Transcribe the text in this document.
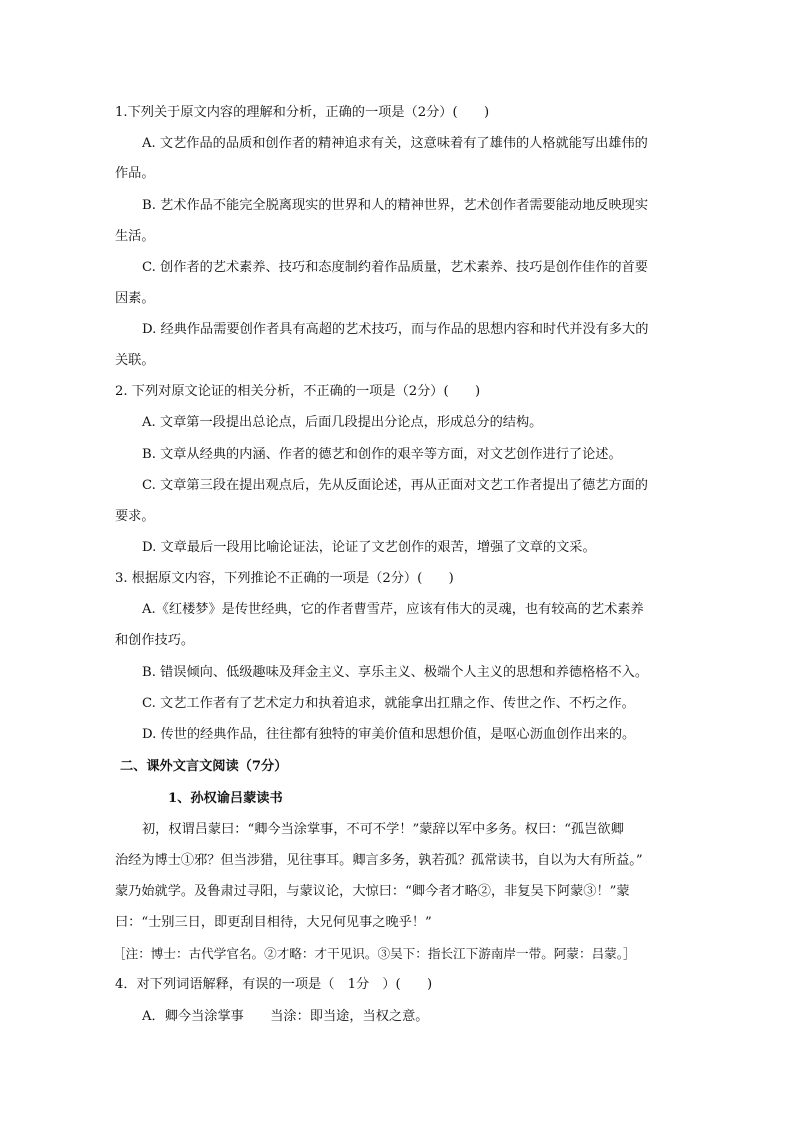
1.下列关于原文内容的理解和分析，正确的一项是（2分）(　　)
A. 文艺作品的品质和创作者的精神追求有关，这意味着有了雄伟的人格就能写出雄伟的
作品。
B. 艺术作品不能完全脱离现实的世界和人的精神世界，艺术创作者需要能动地反映现实
生活。
C. 创作者的艺术素养、技巧和态度制约着作品质量，艺术素养、技巧是创作佳作的首要
因素。
D. 经典作品需要创作者具有高超的艺术技巧，而与作品的思想内容和时代并没有多大的
关联。
2. 下列对原文论证的相关分析，不正确的一项是（2分）(　　)
A. 文章第一段提出总论点，后面几段提出分论点，形成总分的结构。
B. 文章从经典的内涵、作者的德艺和创作的艰辛等方面，对文艺创作进行了论述。
C. 文章第三段在提出观点后，先从反面论述，再从正面对文艺工作者提出了德艺方面的
要求。
D. 文章最后一段用比喻论证法，论证了文艺创作的艰苦，增强了文章的文采。
3. 根据原文内容，下列推论不正确的一项是（2分）(　　)
A.《红楼梦》是传世经典，它的作者曹雪芹，应该有伟大的灵魂，也有较高的艺术素养
和创作技巧。
B. 错误倾向、低级趣味及拜金主义、享乐主义、极端个人主义的思想和养德格格不入。
C. 文艺工作者有了艺术定力和执着追求，就能拿出扛鼎之作、传世之作、不朽之作。
D. 传世的经典作品，往往都有独特的审美价值和思想价值，是呕心沥血创作出来的。
二、课外文言文阅读（7分）
1、孙权谕吕蒙读书
初，权谓吕蒙曰：“卿今当涂掌事，不可不学！”蒙辞以军中多务。权曰：“孤岂欲卿
治经为博士①邪？但当涉猎，见往事耳。卿言多务，孰若孤？孤常读书，自以为大有所益。”
蒙乃始就学。及鲁肃过寻阳，与蒙议论，大惊曰：“卿今者才略②，非复吴下阿蒙③！”蒙
曰：“士别三日，即更刮目相待，大兄何见事之晚乎！”
［注：博士：古代学官名。②才略：才干见识。③吴下：指长江下游南岸一带。阿蒙：吕蒙。］
4．对下列词语解释，有误的一项是（　1分　）(　　)
A．卿今当涂掌事　　当涂：即当途，当权之意。
